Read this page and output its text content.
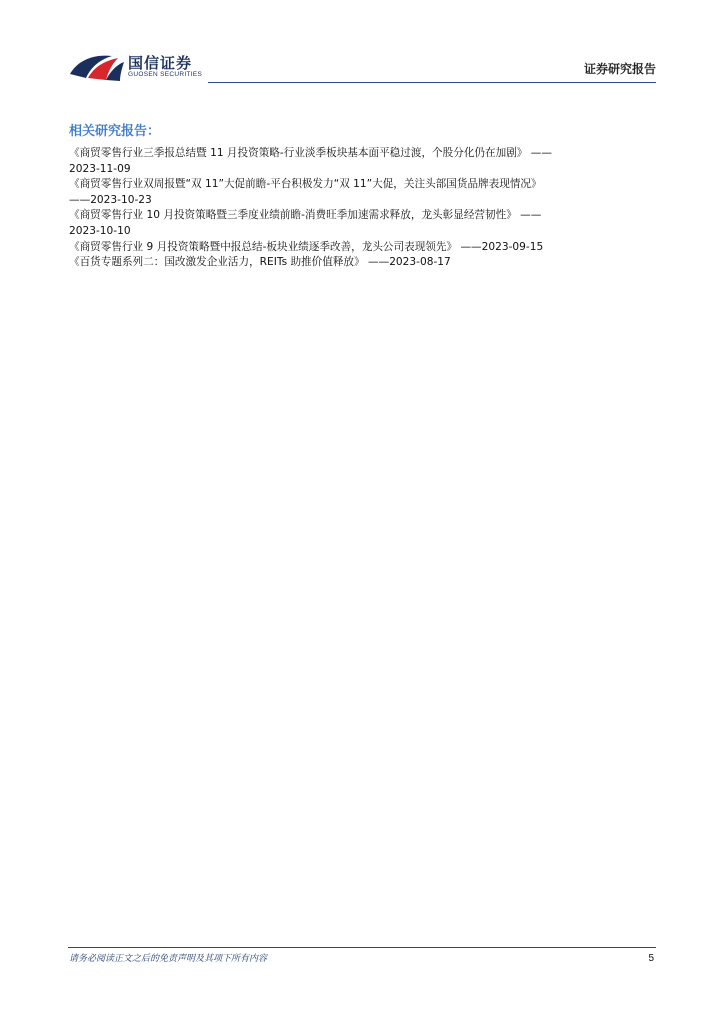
国信证券
GUOSEN SECURITIES	证券研究报告
相关研究报告：
《商贸零售行业三季报总结暨 11 月投资策略-行业淡季板块基本面平稳过渡，个股分化仍在加剧》 ——
2023-11-09
《商贸零售行业双周报暨“双 11”大促前瞻-平台积极发力“双 11”大促，关注头部国货品牌表现情况》
——2023-10-23
《商贸零售行业 10 月投资策略暨三季度业绩前瞻-消费旺季加速需求释放，龙头彰显经营韧性》 ——
2023-10-10
《商贸零售行业 9 月投资策略暨中报总结-板块业绩逐季改善，龙头公司表现领先》 ——2023-09-15
《百货专题系列二：国改激发企业活力，REITs 助推价值释放》 ——2023-08-17
请务必阅读正文之后的免责声明及其项下所有内容	5
